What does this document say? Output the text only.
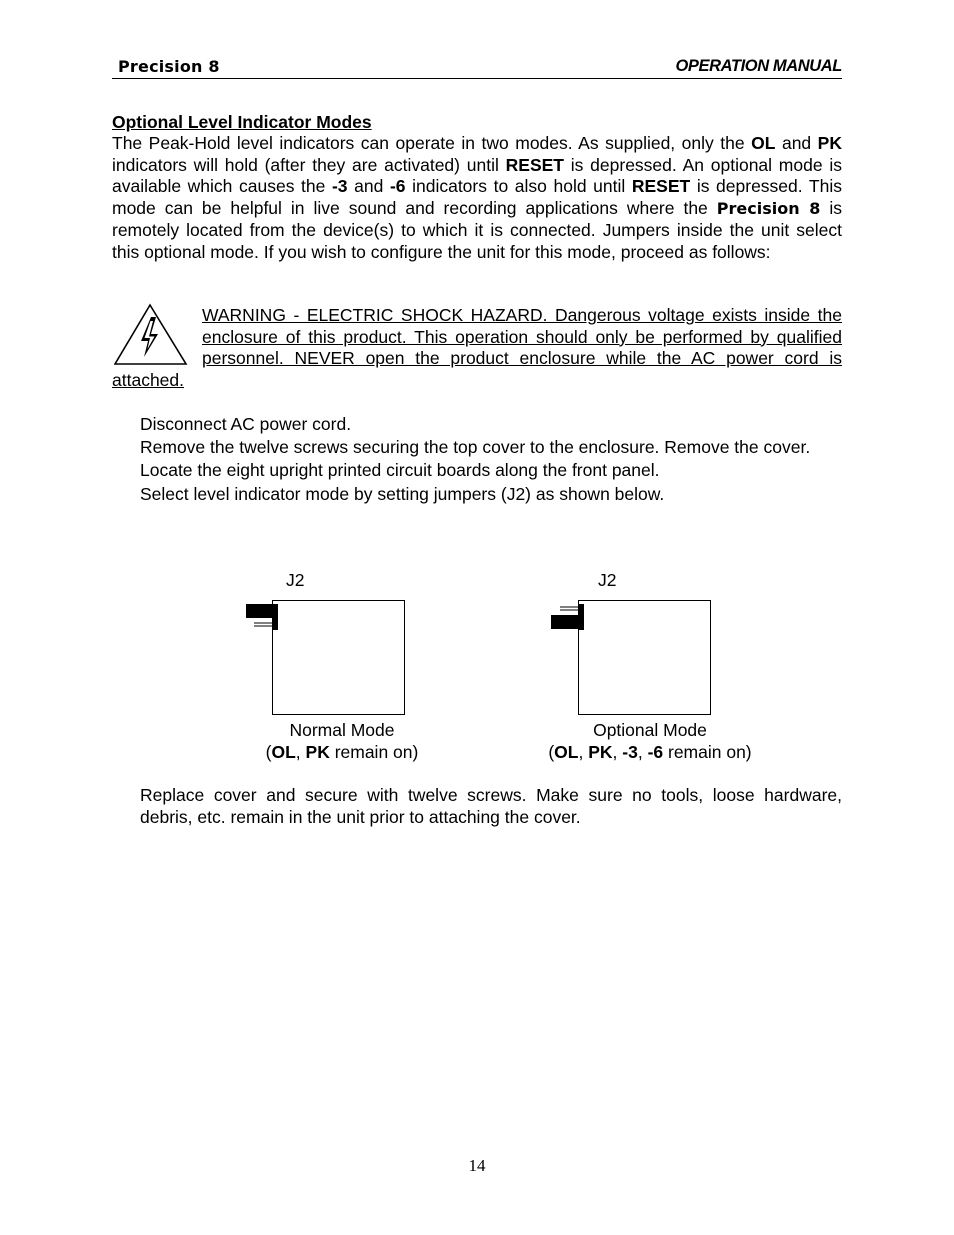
Precision 8	OPERATION MANUAL
Optional Level Indicator Modes
The Peak-Hold level indicators can operate in two modes. As supplied, only the OL and PK indicators will hold (after they are activated) until RESET is depressed. An optional mode is available which causes the -3 and -6 indicators to also hold until RESET is depressed. This mode can be helpful in live sound and recording applications where the Precision 8 is remotely located from the device(s) to which it is connected. Jumpers inside the unit select this optional mode. If you wish to configure the unit for this mode, proceed as follows:
WARNING - ELECTRIC SHOCK HAZARD. Dangerous voltage exists inside the enclosure of this product. This operation should only be performed by qualified personnel. NEVER open the product enclosure while the AC power cord is attached.
Disconnect AC power cord.
Remove the twelve screws securing the top cover to the enclosure. Remove the cover.
Locate the eight upright printed circuit boards along the front panel.
Select level indicator mode by setting jumpers (J2) as shown below.
J2
Normal Mode
(OL, PK remain on)
J2
Optional Mode
(OL, PK, -3, -6 remain on)
Replace cover and secure with twelve screws. Make sure no tools, loose hardware, debris, etc. remain in the unit prior to attaching the cover.
14
